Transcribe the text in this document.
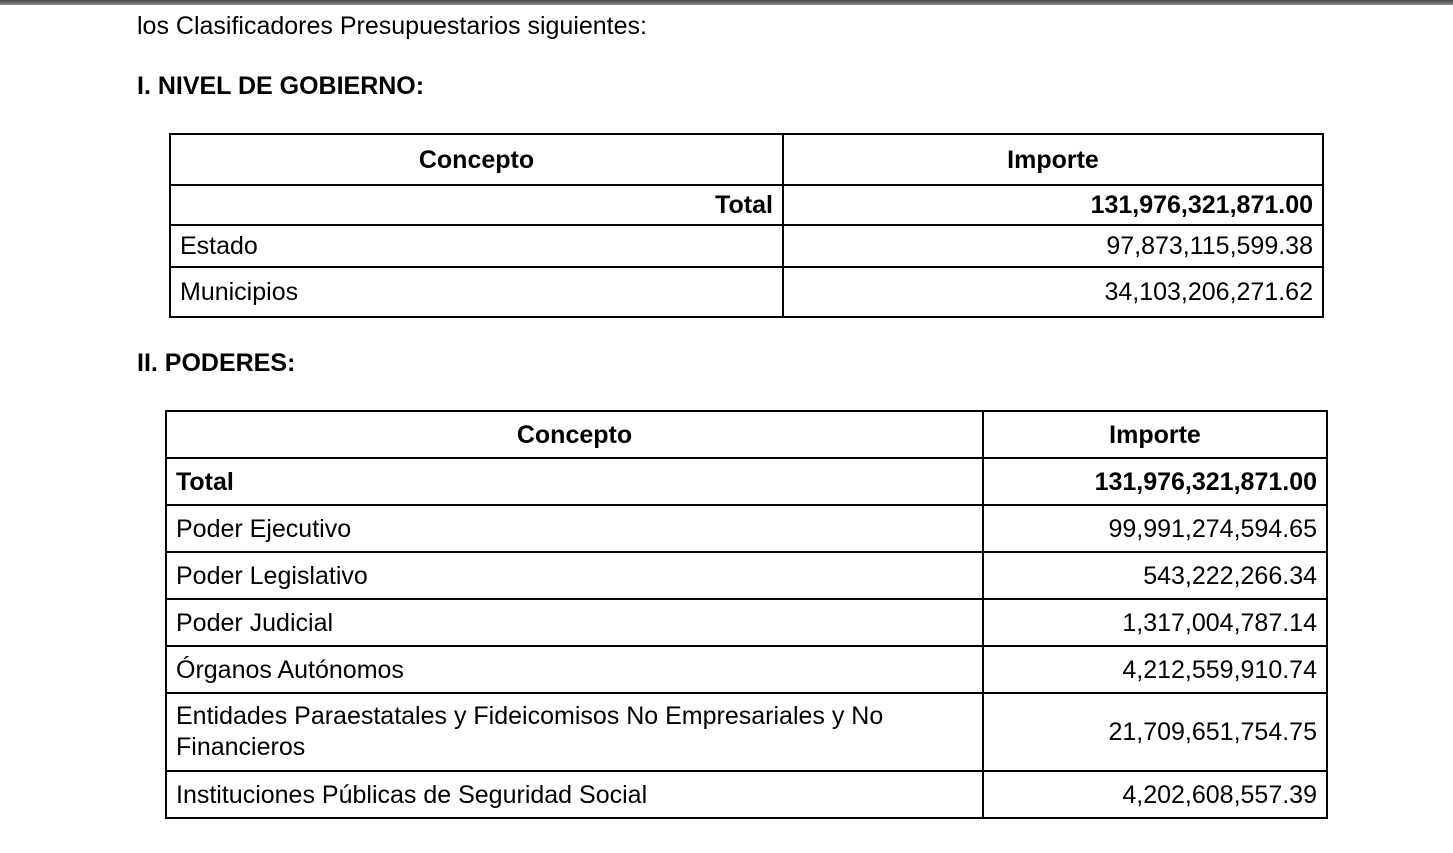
los Clasificadores Presupuestarios siguientes:
I. NIVEL DE GOBIERNO:
Concepto	Importe
Total	131,976,321,871.00
Estado	97,873,115,599.38
Municipios	34,103,206,271.62
II. PODERES:
Concepto	Importe
Total	131,976,321,871.00
Poder Ejecutivo	99,991,274,594.65
Poder Legislativo	543,222,266.34
Poder Judicial	1,317,004,787.14
Órganos Autónomos	4,212,559,910.74
Entidades Paraestatales y Fideicomisos No Empresariales y No Financieros	21,709,651,754.75
Instituciones Públicas de Seguridad Social	4,202,608,557.39
